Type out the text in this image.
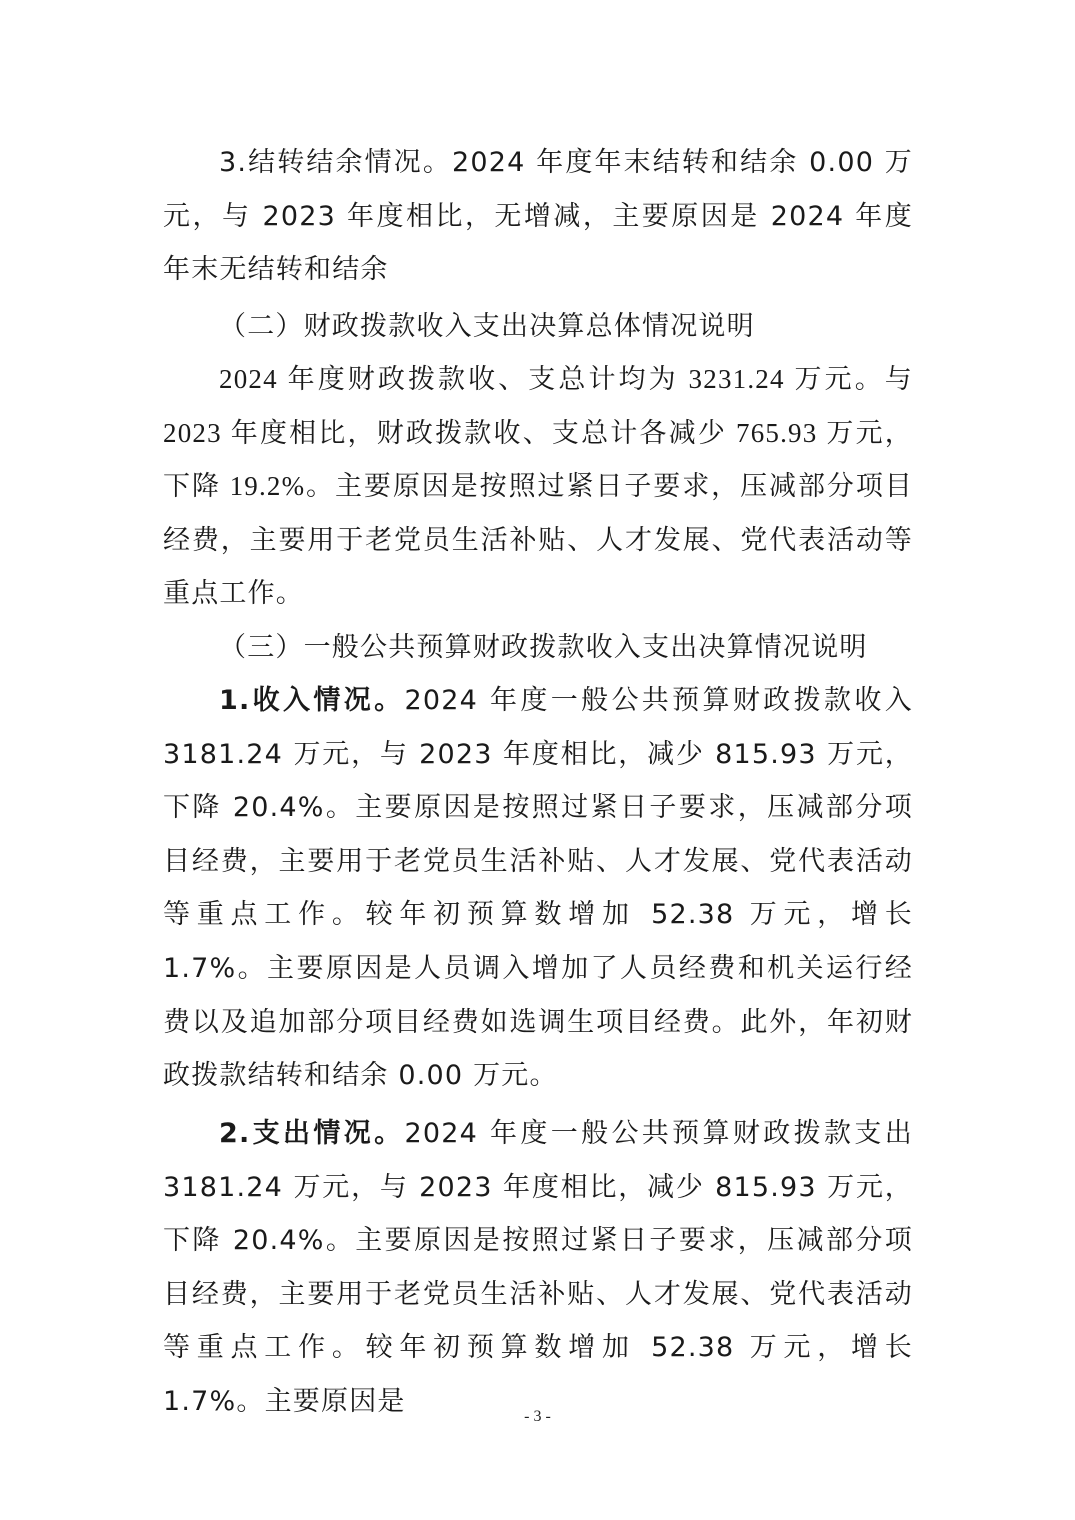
3.结转结余情况。2024 年度年末结转和结余 0.00 万元，与 2023 年度相比，无增减，主要原因是 2024 年度年末无结转和结余

（二）财政拨款收入支出决算总体情况说明

2024 年度财政拨款收、支总计均为 3231.24 万元。与 2023 年度相比，财政拨款收、支总计各减少 765.93 万元，下降 19.2%。主要原因是按照过紧日子要求，压减部分项目经费，主要用于老党员生活补贴、人才发展、党代表活动等重点工作。

（三）一般公共预算财政拨款收入支出决算情况说明

1.收入情况。2024 年度一般公共预算财政拨款收入 3181.24 万元，与 2023 年度相比，减少 815.93 万元，下降 20.4%。主要原因是按照过紧日子要求，压减部分项目经费，主要用于老党员生活补贴、人才发展、党代表活动等重点工作。较年初预算数增加 52.38 万元，增长 1.7%。主要原因是人员调入增加了人员经费和机关运行经费以及追加部分项目经费如选调生项目经费。此外，年初财政拨款结转和结余 0.00 万元。

2.支出情况。2024 年度一般公共预算财政拨款支出 3181.24 万元，与 2023 年度相比，减少 815.93 万元，下降 20.4%。主要原因是按照过紧日子要求，压减部分项目经费，主要用于老党员生活补贴、人才发展、党代表活动等重点工作。较年初预算数增加 52.38 万元，增长 1.7%。主要原因是	- 3 -
